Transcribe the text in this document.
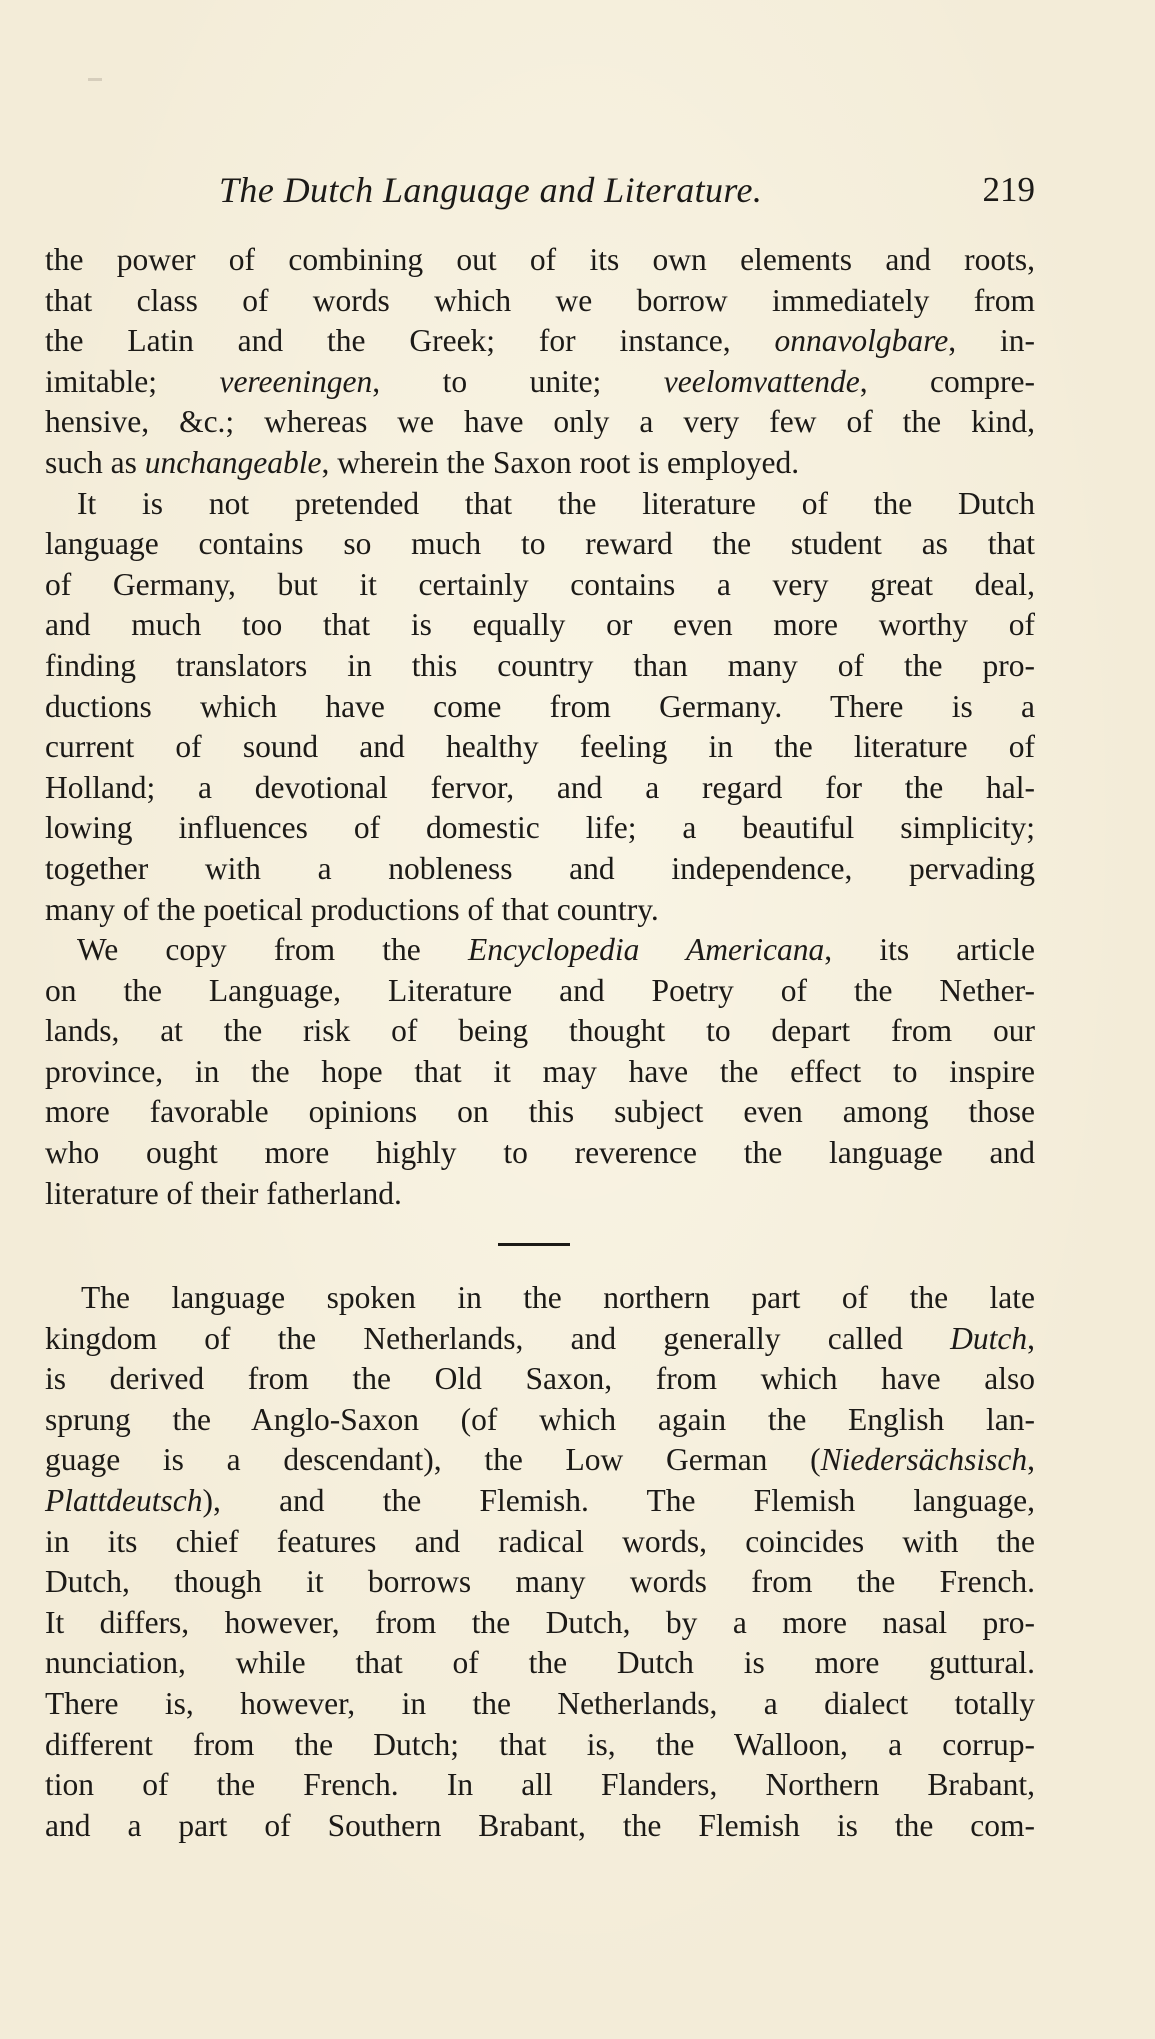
The Dutch Language and Literature.	219
the power of combining out of its own elements and roots,
that class of words which we borrow immediately from
the Latin and the Greek; for instance, onnavolgbare, in-
imitable; vereeningen, to unite; veelomvattende, compre-
hensive, &c.; whereas we have only a very few of the kind,
such as unchangeable, wherein the Saxon root is employed.
It is not pretended that the literature of the Dutch
language contains so much to reward the student as that
of Germany, but it certainly contains a very great deal,
and much too that is equally or even more worthy of
finding translators in this country than many of the pro-
ductions which have come from Germany. There is a
current of sound and healthy feeling in the literature of
Holland; a devotional fervor, and a regard for the hal-
lowing influences of domestic life; a beautiful simplicity;
together with a nobleness and independence, pervading
many of the poetical productions of that country.
We copy from the Encyclopedia Americana, its article
on the Language, Literature and Poetry of the Nether-
lands, at the risk of being thought to depart from our
province, in the hope that it may have the effect to inspire
more favorable opinions on this subject even among those
who ought more highly to reverence the language and
literature of their fatherland.
The language spoken in the northern part of the late
kingdom of the Netherlands, and generally called Dutch,
is derived from the Old Saxon, from which have also
sprung the Anglo-Saxon (of which again the English lan-
guage is a descendant), the Low German (Niedersächsisch,
Plattdeutsch), and the Flemish. The Flemish language,
in its chief features and radical words, coincides with the
Dutch, though it borrows many words from the French.
It differs, however, from the Dutch, by a more nasal pro-
nunciation, while that of the Dutch is more guttural.
There is, however, in the Netherlands, a dialect totally
different from the Dutch; that is, the Walloon, a corrup-
tion of the French. In all Flanders, Northern Brabant,
and a part of Southern Brabant, the Flemish is the com-
